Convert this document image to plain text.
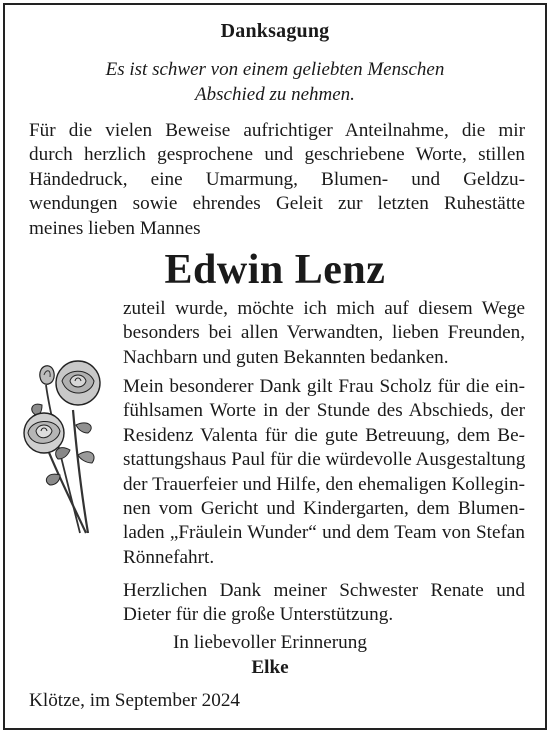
Danksagung
Es ist schwer von einem geliebten Menschen
Abschied zu nehmen.
Für die vielen Beweise aufrichtiger Anteilnahme, die mir
durch herzlich gesprochene und geschriebene Worte, stillen
Händedruck, eine Umarmung, Blumen- und Geldzu-
wendungen sowie ehrendes Geleit zur letzten Ruhestätte
meines lieben Mannes
Edwin Lenz
zuteil wurde, möchte ich mich auf diesem Wege
besonders bei allen Verwandten, lieben Freunden,
Nachbarn und guten Bekannten bedanken.
Mein besonderer Dank gilt Frau Scholz für die ein-
fühlsamen Worte in der Stunde des Abschieds, der
Residenz Valenta für die gute Betreuung, dem Be-
stattungshaus Paul für die würdevolle Ausgestaltung
der Trauerfeier und Hilfe, den ehemaligen Kollegin-
nen vom Gericht und Kindergarten, dem Blumen-
laden „Fräulein Wunder“ und dem Team von Stefan
Rönnefahrt.
Herzlichen Dank meiner Schwester Renate und
Dieter für die große Unterstützung.
In liebevoller Erinnerung
Elke
Klötze, im September 2024
